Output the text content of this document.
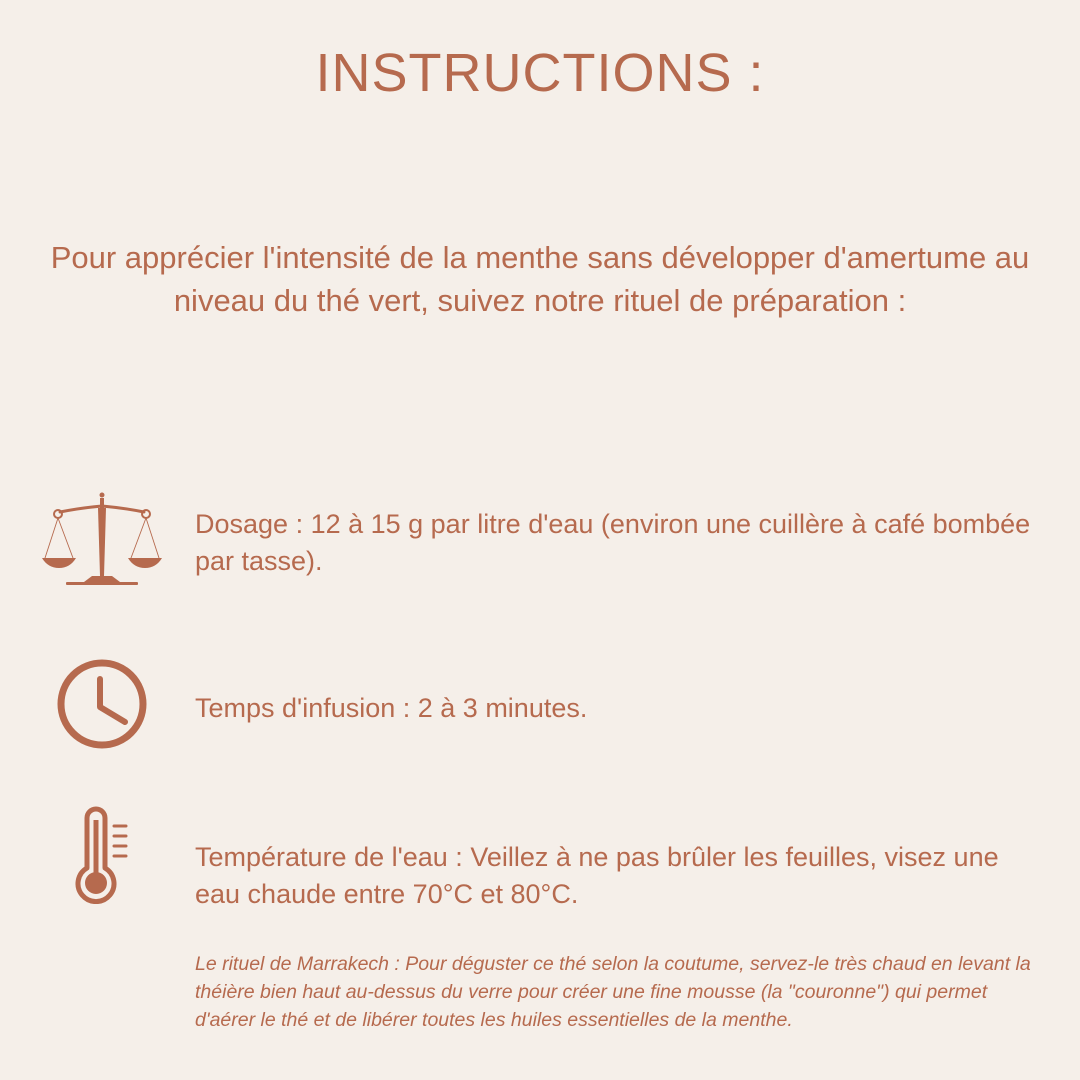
INSTRUCTIONS :

Pour apprécier l'intensité de la menthe sans développer d'amertume au niveau du thé vert, suivez notre rituel de préparation :

Dosage : 12 à 15 g par litre d'eau (environ une cuillère à café bombée par tasse).

Temps d'infusion : 2 à 3 minutes.

Température de l'eau : Veillez à ne pas brûler les feuilles, visez une eau chaude entre 70°C et 80°C.

Le rituel de Marrakech : Pour déguster ce thé selon la coutume, servez-le très chaud en levant la théière bien haut au-dessus du verre pour créer une fine mousse (la "couronne") qui permet d'aérer le thé et de libérer toutes les huiles essentielles de la menthe.
